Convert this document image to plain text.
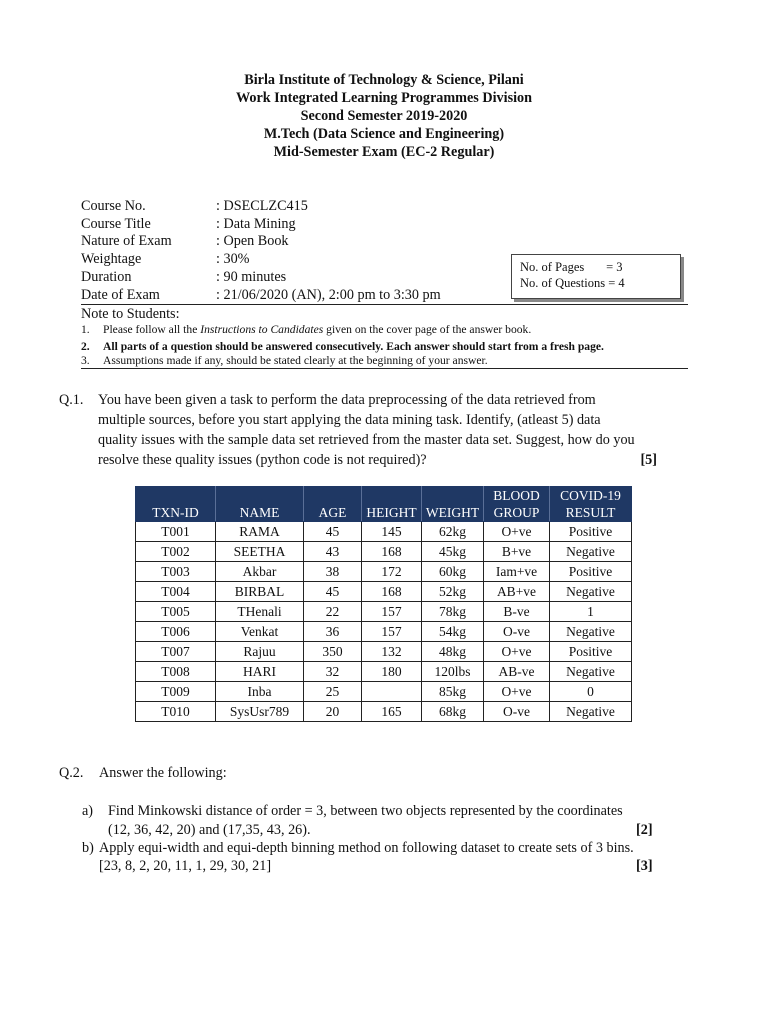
Birla Institute of Technology & Science, Pilani
Work Integrated Learning Programmes Division
Second Semester 2019-2020
M.Tech (Data Science and Engineering)
Mid-Semester Exam (EC-2 Regular)
Course No.	: DSECLZC415
Course Title	: Data Mining
Nature of Exam	: Open Book
Weightage	: 30%
Duration	: 90 minutes
Date of Exam	: 21/06/2020 (AN), 2:00 pm to 3:30 pm
No. of Pages       = 3
No. of Questions = 4
Note to Students:
1. Please follow all the Instructions to Candidates given on the cover page of the answer book.
2. All parts of a question should be answered consecutively. Each answer should start from a fresh page.
3. Assumptions made if any, should be stated clearly at the beginning of your answer.
Q.1. You have been given a task to perform the data preprocessing of the data retrieved from
multiple sources, before you start applying the data mining task. Identify, (atleast 5) data
quality issues with the sample data set retrieved from the master data set. Suggest, how do you
resolve these quality issues (python code is not required)?	[5]
					BLOOD	COVID-19
TXN-ID	NAME	AGE	HEIGHT	WEIGHT	GROUP	RESULT
T001	RAMA	45	145	62kg	O+ve	Positive
T002	SEETHA	43	168	45kg	B+ve	Negative
T003	Akbar	38	172	60kg	Iam+ve	Positive
T004	BIRBAL	45	168	52kg	AB+ve	Negative
T005	THenali	22	157	78kg	B-ve	1
T006	Venkat	36	157	54kg	O-ve	Negative
T007	Rajuu	350	132	48kg	O+ve	Positive
T008	HARI	32	180	120lbs	AB-ve	Negative
T009	Inba	25		85kg	O+ve	0
T010	SysUsr789	20	165	68kg	O-ve	Negative
Q.2. Answer the following:
a) Find Minkowski distance of order = 3, between two objects represented by the coordinates
(12, 36, 42, 20) and (17,35, 43, 26).	[2]
b) Apply equi-width and equi-depth binning method on following dataset to create sets of 3 bins.
[23, 8, 2, 20, 11, 1, 29, 30, 21]	[3]
